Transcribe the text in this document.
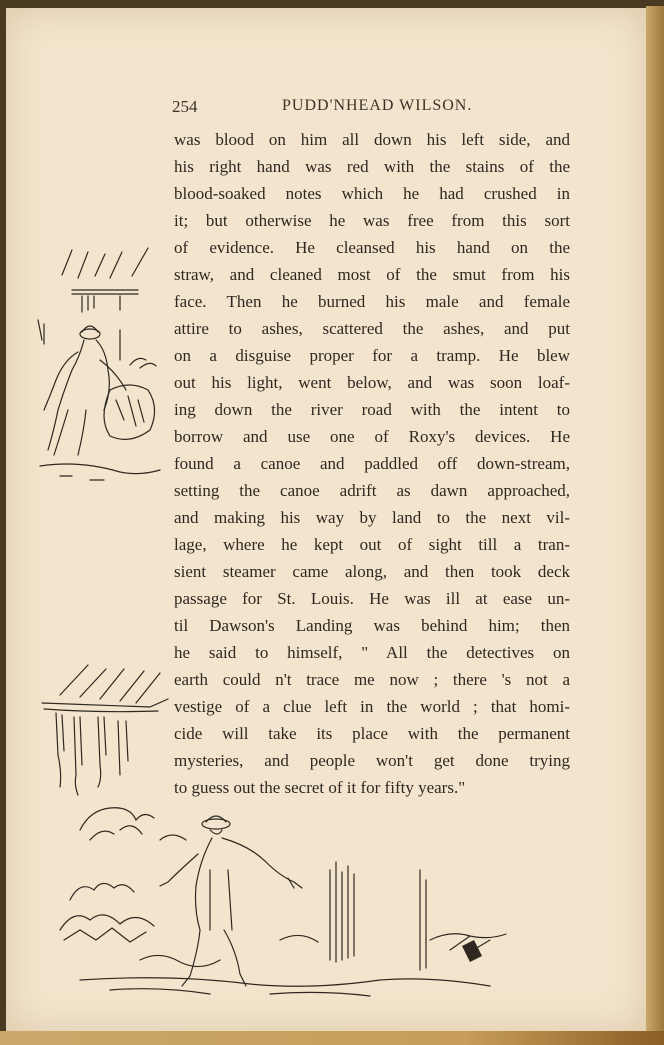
254	PUDD'NHEAD WILSON.
was blood on him all down his left side, and
his right hand was red with the stains of the
blood-soaked notes which he had crushed in
it; but otherwise he was free from this sort
of evidence. He cleansed his hand on the
straw, and cleaned most of the smut from his
face. Then he burned his male and female
attire to ashes, scattered the ashes, and put
on a disguise proper for a tramp. He blew
out his light, went below, and was soon loaf-
ing down the river road with the intent to
borrow and use one of Roxy's devices. He
found a canoe and paddled off down-stream,
setting the canoe adrift as dawn approached,
and making his way by land to the next vil-
lage, where he kept out of sight till a tran-
sient steamer came along, and then took deck
passage for St. Louis. He was ill at ease un-
til Dawson's Landing was behind him; then
he said to himself, " All the detectives on
earth could n't trace me now ; there 's not a
vestige of a clue left in the world ; that homi-
cide will take its place with the permanent
mysteries, and people won't get done trying
to guess out the secret of it for fifty years."
